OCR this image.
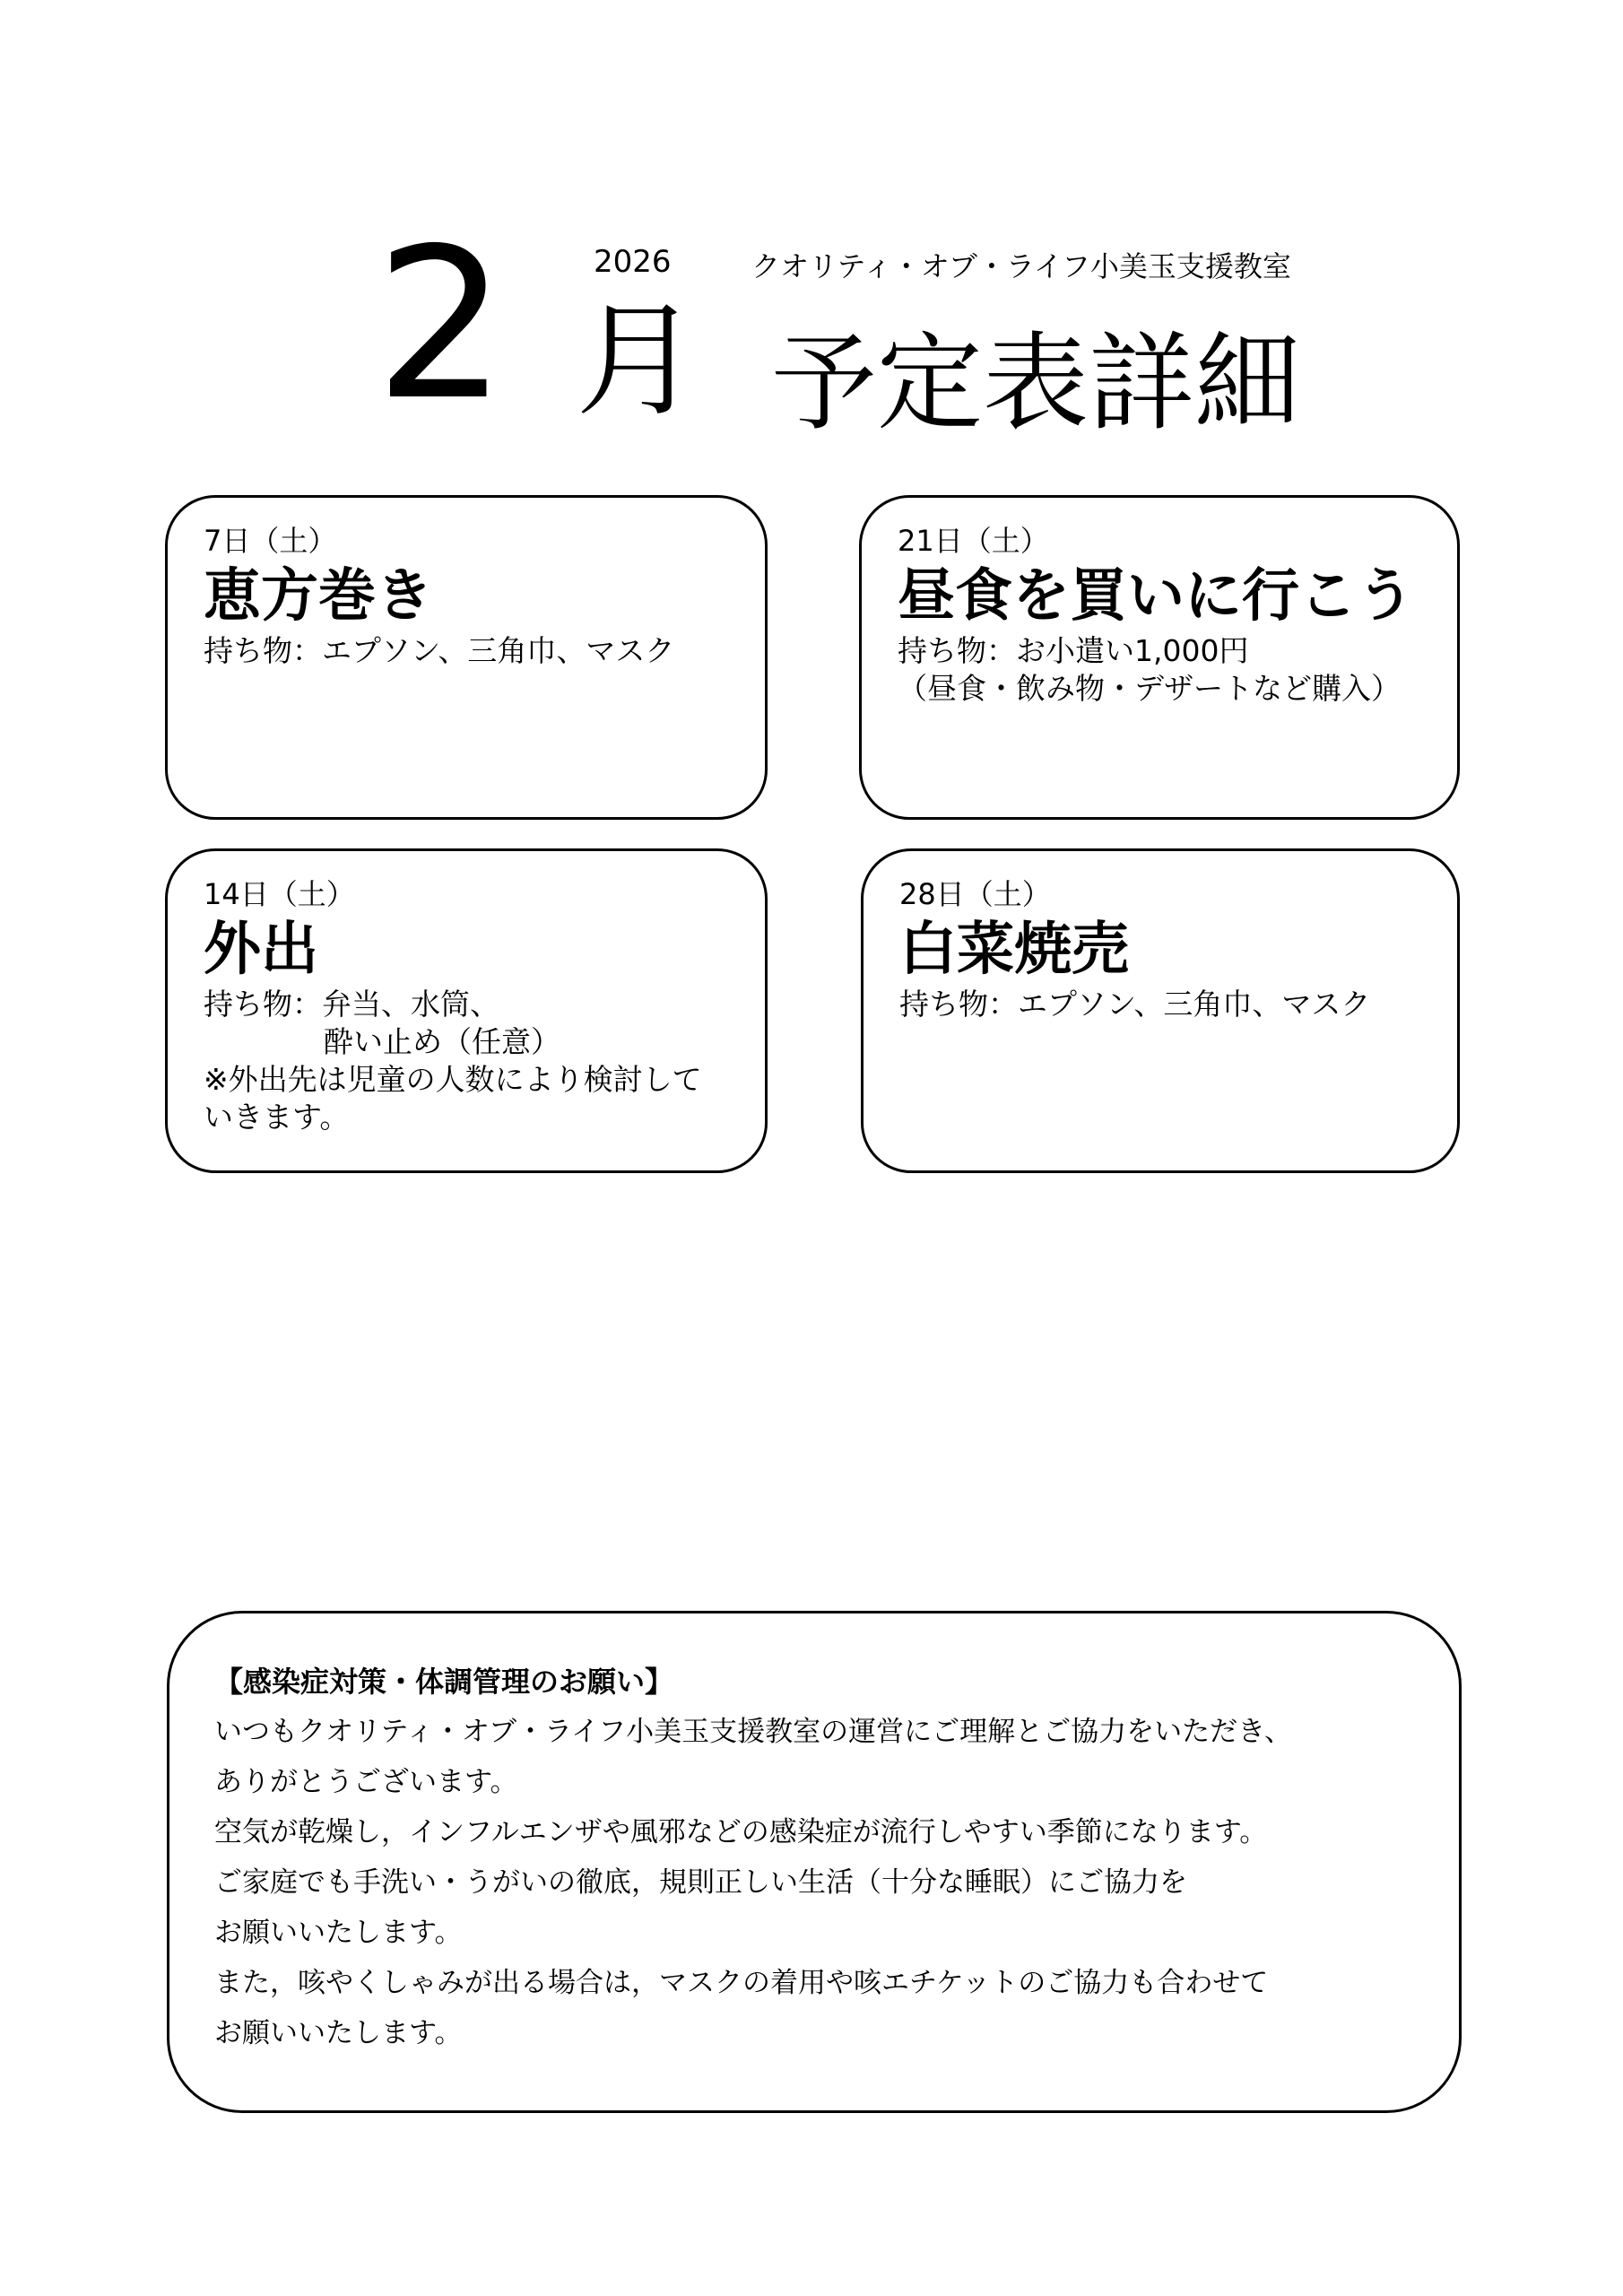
2026	クオリティ・オブ・ライフ小美玉支援教室
2 月 予定表詳細
7日（土）
恵方巻き
持ち物：エプソン、三角巾、マスク
21日（土）
昼食を買いに行こう
持ち物：お小遣い1,000円
（昼食・飲み物・デザートなど購入）
14日（土）
外出
持ち物：弁当、水筒、
酔い止め（任意）
※外出先は児童の人数により検討して
いきます。
28日（土）
白菜焼売
持ち物：エプソン、三角巾、マスク
【感染症対策・体調管理のお願い】
いつもクオリティ・オブ・ライフ小美玉支援教室の運営にご理解とご協力をいただき、
ありがとうございます。
空気が乾燥し，インフルエンザや風邪などの感染症が流行しやすい季節になります。
ご家庭でも手洗い・うがいの徹底，規則正しい生活（十分な睡眠）にご協力を
お願いいたします。
また，咳やくしゃみが出る場合は，マスクの着用や咳エチケットのご協力も合わせて
お願いいたします。
